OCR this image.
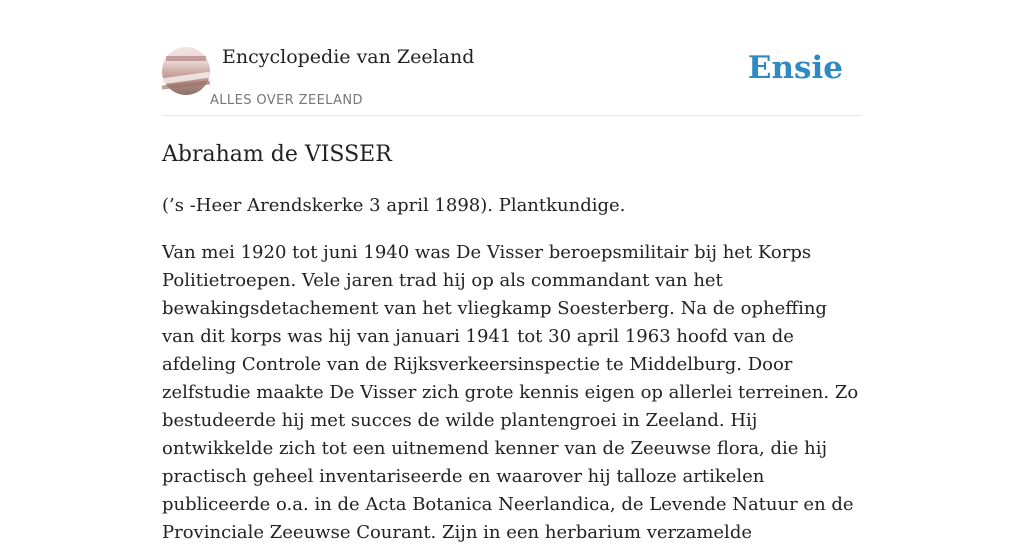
Encyclopedie van Zeeland
ALLES OVER ZEELAND
Ensie
Abraham de VISSER

(’s -Heer Arendskerke 3 april 1898). Plantkundige.

Van mei 1920 tot juni 1940 was De Visser beroepsmilitair bij het Korps Politietroepen. Vele jaren trad hij op als commandant van het bewakingsdetachement van het vliegkamp Soesterberg. Na de opheffing van dit korps was hij van januari 1941 tot 30 april 1963 hoofd van de afdeling Controle van de Rijksverkeersinspectie te Middelburg. Door zelfstudie maakte De Visser zich grote kennis eigen op allerlei terreinen. Zo bestudeerde hij met succes de wilde plantengroei in Zeeland. Hij ontwikkelde zich tot een uitnemend kenner van de Zeeuwse flora, die hij practisch geheel inventariseerde en waarover hij talloze artikelen publiceerde o.a. in de Acta Botanica Neerlandica, de Levende Natuur en de Provinciale Zeeuwse Courant. Zijn in een herbarium verzamelde
